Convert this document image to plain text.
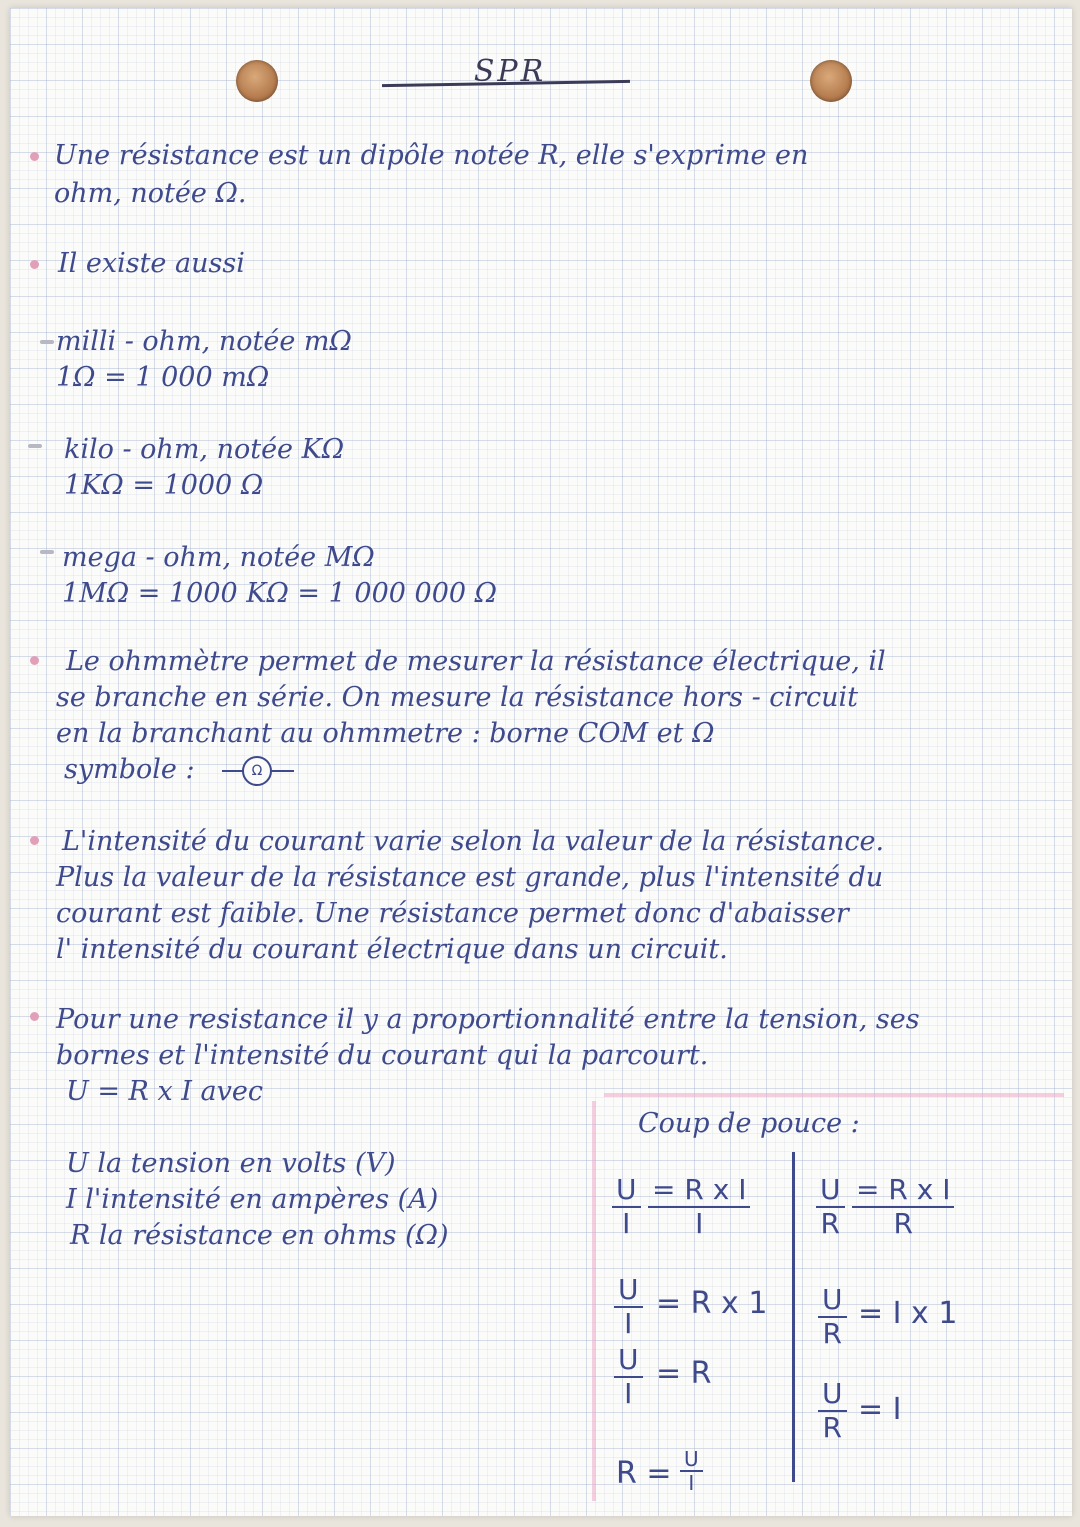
SPR
Une résistance est un dipôle notée R, elle s'exprime en
ohm, notée Ω.
Il existe aussi
milli - ohm, notée mΩ
1Ω = 1 000 mΩ
kilo - ohm, notée KΩ
1KΩ = 1000 Ω
mega - ohm, notée MΩ
1MΩ = 1000 KΩ = 1 000 000 Ω
Le ohmmètre permet de mesurer la résistance électrique, il
se branche en série. On mesure la résistance hors - circuit
en la branchant au ohmmetre : borne COM et Ω
symbole :	Ω
L'intensité du courant varie selon la valeur de la résistance.
Plus la valeur de la résistance est grande, plus l'intensité du
courant est faible. Une résistance permet donc d'abaisser
l' intensité du courant électrique dans un circuit.
Pour une resistance il y a proportionnalité entre la tension, ses
bornes et l'intensité du courant qui la parcourt.
U = R x I avec
U la tension en volts (V)
I l'intensité en ampères (A)
R la résistance en ohms (Ω)
Coup de pouce :
$\frac{U}{I} \frac{\text{= R x I}}{I}$
$\frac{U}{I} = R$ x 1
$\frac{U}{I} = R$
$R = \frac{U}{I}$
$\frac{U}{R} \frac{\text{= R x I}}{R}$
$\frac{U}{R} = I$ x 1
$\frac{U}{R} = I$
